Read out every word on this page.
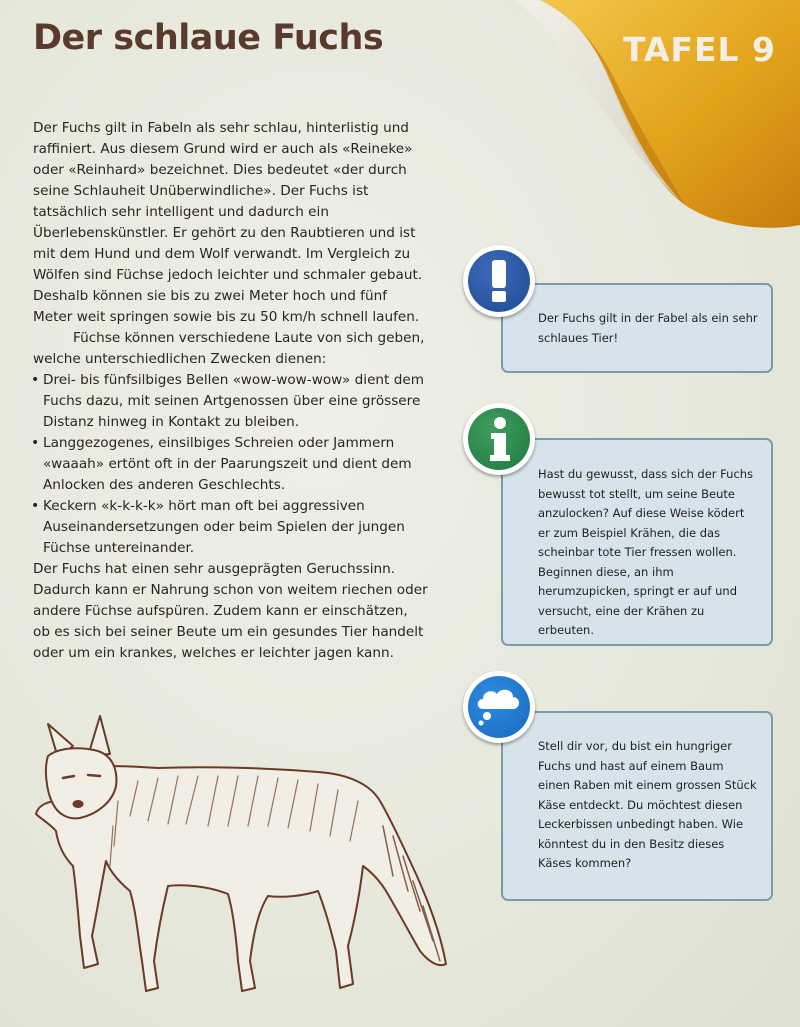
TAFEL 9
Der schlaue Fuchs

Der Fuchs gilt in Fabeln als sehr schlau, hinterlistig und raffiniert. Aus diesem Grund wird er auch als «Reineke» oder «Reinhard» bezeichnet. Dies bedeutet «der durch seine Schlauheit Unüberwindliche». Der Fuchs ist tatsächlich sehr intelligent und dadurch ein Überlebenskünstler. Er gehört zu den Raubtieren und ist mit dem Hund und dem Wolf verwandt. Im Vergleich zu Wölfen sind Füchse jedoch leichter und schmaler gebaut. Deshalb können sie bis zu zwei Meter hoch und fünf Meter weit springen sowie bis zu 50 km/h schnell laufen.

Füchse können verschiedene Laute von sich geben, welche unterschiedlichen Zwecken dienen:

• Drei- bis fünfsilbiges Bellen «wow-wow-wow» dient dem Fuchs dazu, mit seinen Artgenossen über eine grössere Distanz hinweg in Kontakt zu bleiben.
• Langgezogenes, einsilbiges Schreien oder Jammern «waaah» ertönt oft in der Paarungszeit und dient dem Anlocken des anderen Geschlechts.
• Keckern «k-k-k-k» hört man oft bei aggressiven Auseinandersetzungen oder beim Spielen der jungen Füchse untereinander.

Der Fuchs hat einen sehr ausgeprägten Geruchssinn. Dadurch kann er Nahrung schon von weitem riechen oder andere Füchse aufspüren. Zudem kann er einschätzen, ob es sich bei seiner Beute um ein gesundes Tier handelt oder um ein krankes, welches er leichter jagen kann.

Der Fuchs gilt in der Fabel als ein sehr schlaues Tier!
Hast du gewusst, dass sich der Fuchs bewusst tot stellt, um seine Beute anzulocken? Auf diese Weise ködert er zum Beispiel Krähen, die das scheinbar tote Tier fressen wollen. Beginnen diese, an ihm herumzupicken, springt er auf und versucht, eine der Krähen zu erbeuten.
Stell dir vor, du bist ein hungriger Fuchs und hast auf einem Baum einen Raben mit einem grossen Stück Käse entdeckt. Du möchtest diesen Leckerbissen unbedingt haben. Wie könntest du in den Besitz dieses Käses kommen?
